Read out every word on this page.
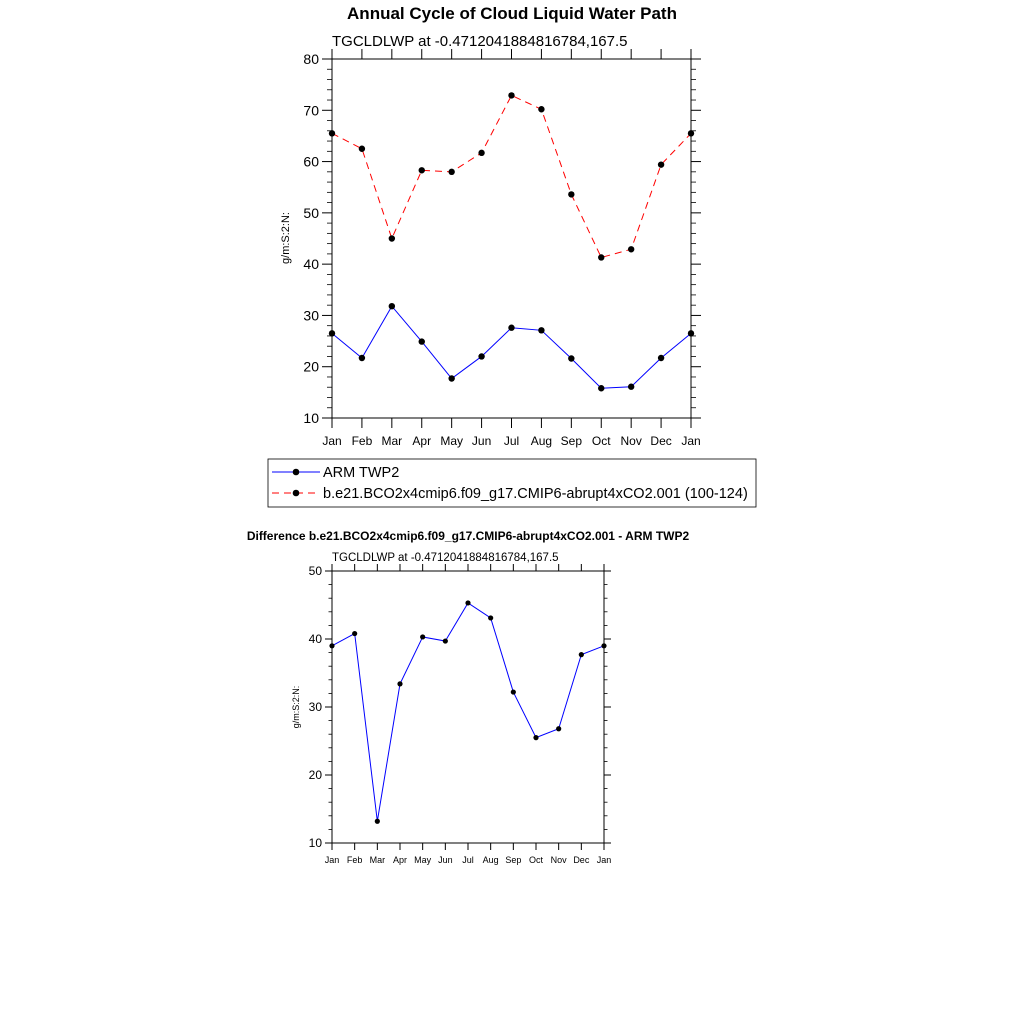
Annual Cycle of Cloud Liquid Water Path
TGCLDLWP at -0.4712041884816784,167.5
g/m:S:2:N:
10
20
30
40
50
60
70
80
Jan Feb Mar Apr May Jun Jul Aug Sep Oct Nov Dec Jan
ARM TWP2
b.e21.BCO2x4cmip6.f09_g17.CMIP6-abrupt4xCO2.001 (100-124)
Difference b.e21.BCO2x4cmip6.f09_g17.CMIP6-abrupt4xCO2.001 - ARM TWP2
TGCLDLWP at -0.4712041884816784,167.5
g/m:S:2:N:
10
20
30
40
50
Jan Feb Mar Apr May Jun Jul Aug Sep Oct Nov Dec Jan
